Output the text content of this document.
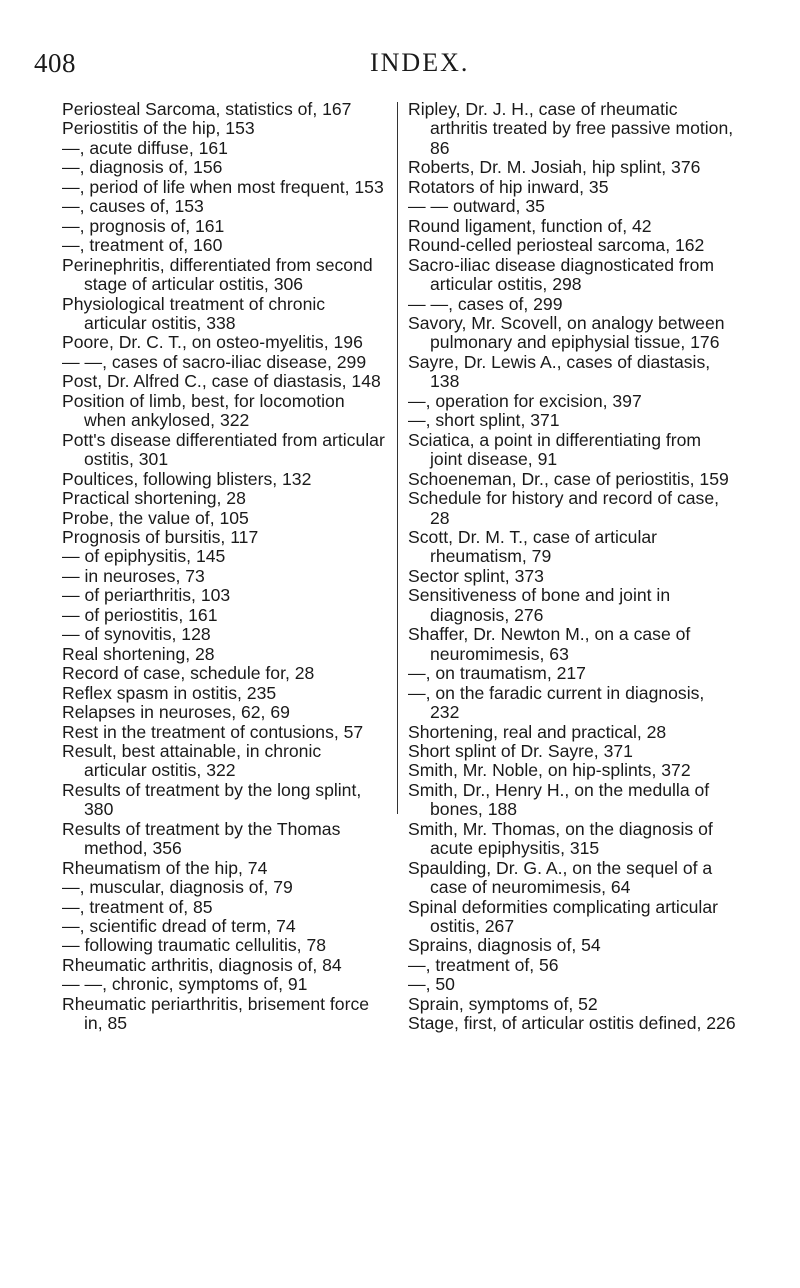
408	INDEX.

Periosteal Sarcoma, statistics of, 167

Periostitis of the hip, 153

—, acute diffuse, 161

—, diagnosis of, 156

—, period of life when most frequent, 153

—, causes of, 153

—, prognosis of, 161

—, treatment of, 160

Perinephritis, differentiated from second stage of articular ostitis, 306

Physiological treatment of chronic articular ostitis, 338

Poore, Dr. C. T., on osteo-myelitis, 196

— —, cases of sacro-iliac disease, 299

Post, Dr. Alfred C., case of diastasis, 148

Position of limb, best, for locomotion when ankylosed, 322

Pott's disease differentiated from articular ostitis, 301

Poultices, following blisters, 132

Practical shortening, 28

Probe, the value of, 105

Prognosis of bursitis, 117

— of epiphysitis, 145

— in neuroses, 73

— of periarthritis, 103

— of periostitis, 161

— of synovitis, 128

Real shortening, 28

Record of case, schedule for, 28

Reflex spasm in ostitis, 235

Relapses in neuroses, 62, 69

Rest in the treatment of contusions, 57

Result, best attainable, in chronic articular ostitis, 322

Results of treatment by the long splint, 380

Results of treatment by the Thomas method, 356

Rheumatism of the hip, 74

—, muscular, diagnosis of, 79

—, treatment of, 85

—, scientific dread of term, 74

— following traumatic cellulitis, 78

Rheumatic arthritis, diagnosis of, 84

— —, chronic, symptoms of, 91

Rheumatic periarthritis, brisement force in, 85

Ripley, Dr. J. H., case of rheumatic arthritis treated by free passive motion, 86

Roberts, Dr. M. Josiah, hip splint, 376

Rotators of hip inward, 35

— — outward, 35

Round ligament, function of, 42

Round-celled periosteal sarcoma, 162

Sacro-iliac disease diagnosticated from articular ostitis, 298

— —, cases of, 299

Savory, Mr. Scovell, on analogy between pulmonary and epiphysial tissue, 176

Sayre, Dr. Lewis A., cases of diastasis, 138

—, operation for excision, 397

—, short splint, 371

Sciatica, a point in differentiating from joint disease, 91

Schoeneman, Dr., case of periostitis, 159

Schedule for history and record of case, 28

Scott, Dr. M. T., case of articular rheumatism, 79

Sector splint, 373

Sensitiveness of bone and joint in diagnosis, 276

Shaffer, Dr. Newton M., on a case of neuromimesis, 63

—, on traumatism, 217

—, on the faradic current in diagnosis, 232

Shortening, real and practical, 28

Short splint of Dr. Sayre, 371

Smith, Mr. Noble, on hip-splints, 372

Smith, Dr., Henry H., on the medulla of bones, 188

Smith, Mr. Thomas, on the diagnosis of acute epiphysitis, 315

Spaulding, Dr. G. A., on the sequel of a case of neuromimesis, 64

Spinal deformities complicating articular ostitis, 267

Sprains, diagnosis of, 54

—, treatment of, 56

—, 50

Sprain, symptoms of, 52

Stage, first, of articular ostitis defined, 226
